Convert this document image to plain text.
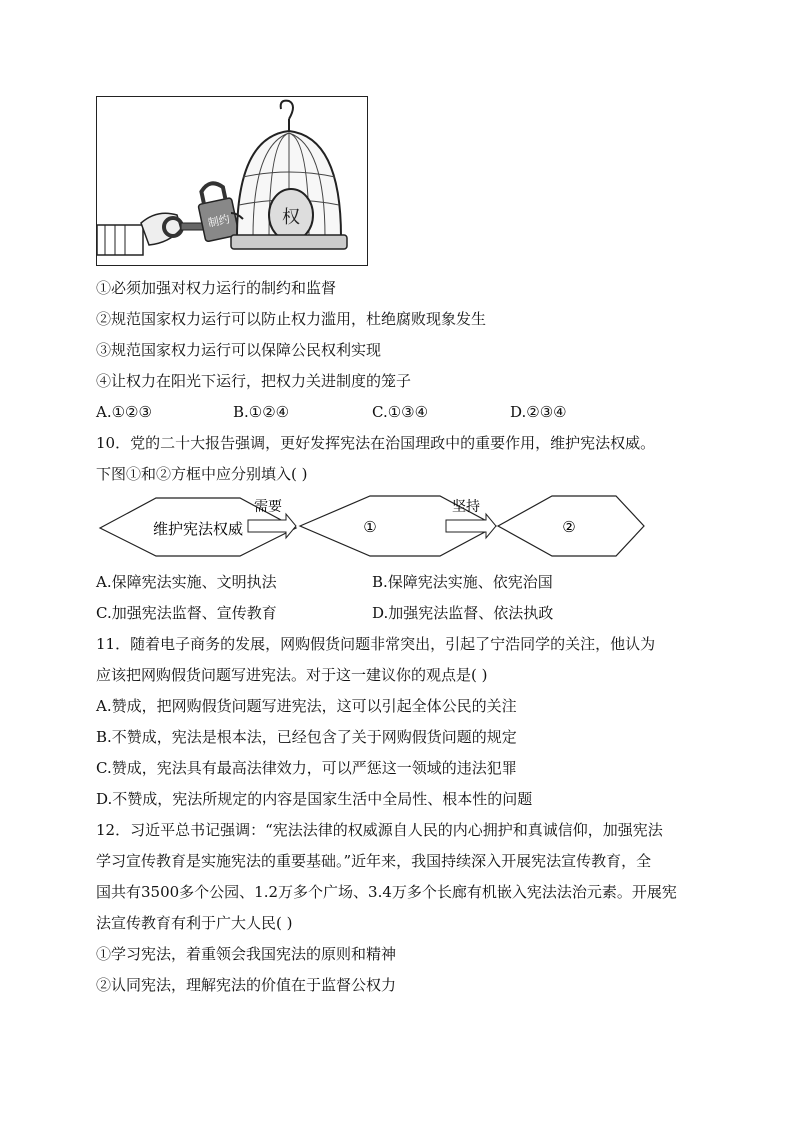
制约	权
①必须加强对权力运行的制约和监督
②规范国家权力运行可以防止权力滥用，杜绝腐败现象发生
③规范国家权力运行可以保障公民权利实现
④让权力在阳光下运行，把权力关进制度的笼子
A.①②③	B.①②④	C.①③④	D.②③④
10．党的二十大报告强调，更好发挥宪法在治国理政中的重要作用，维护宪法权威。
下图①和②方框中应分别填入( )
维护宪法权威
需要
①
坚持
②
A.保障宪法实施、文明执法	B.保障宪法实施、依宪治国
C.加强宪法监督、宣传教育	D.加强宪法监督、依法执政
11．随着电子商务的发展，网购假货问题非常突出，引起了宁浩同学的关注，他认为
应该把网购假货问题写进宪法。对于这一建议你的观点是( )
A.赞成，把网购假货问题写进宪法，这可以引起全体公民的关注
B.不赞成，宪法是根本法，已经包含了关于网购假货问题的规定
C.赞成，宪法具有最高法律效力，可以严惩这一领域的违法犯罪
D.不赞成，宪法所规定的内容是国家生活中全局性、根本性的问题
12．习近平总书记强调：“宪法法律的权威源自人民的内心拥护和真诚信仰，加强宪法
学习宣传教育是实施宪法的重要基础。”近年来，我国持续深入开展宪法宣传教育，全
国共有3500多个公园、1.2万多个广场、3.4万多个长廊有机嵌入宪法法治元素。开展宪
法宣传教育有利于广大人民( )
①学习宪法，着重领会我国宪法的原则和精神
②认同宪法，理解宪法的价值在于监督公权力
